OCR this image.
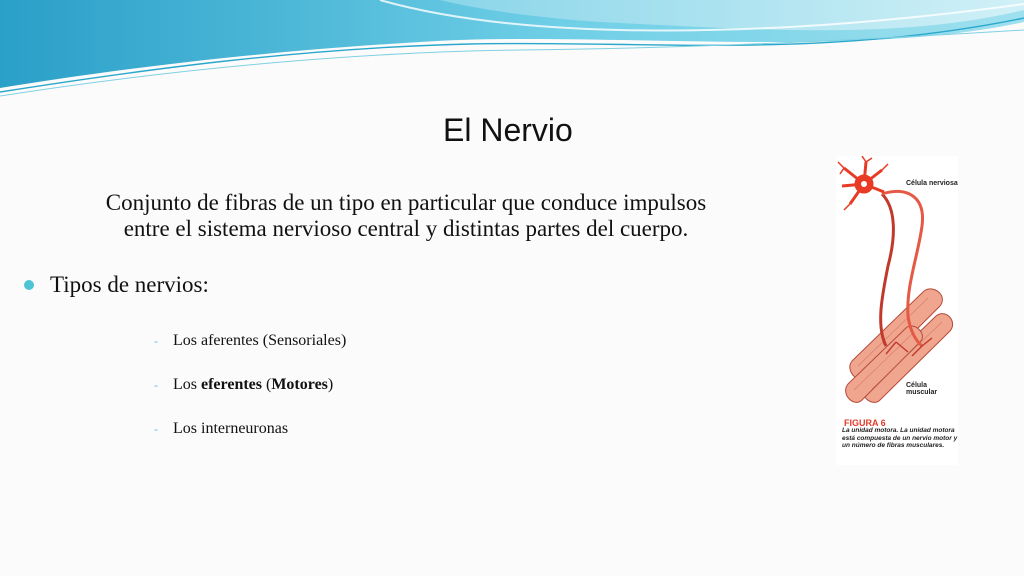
El Nervio
Conjunto de fibras de un tipo en particular que conduce impulsos
entre el sistema nervioso central y distintas partes del cuerpo.
Tipos de nervios:
- Los aferentes (Sensoriales)
- Los eferentes (Motores)
- Los interneuronas
Célula nerviosa
Célula muscular
FIGURA 6
La unidad motora. La unidad motora está compuesta de un nervio motor y un número de fibras musculares.
